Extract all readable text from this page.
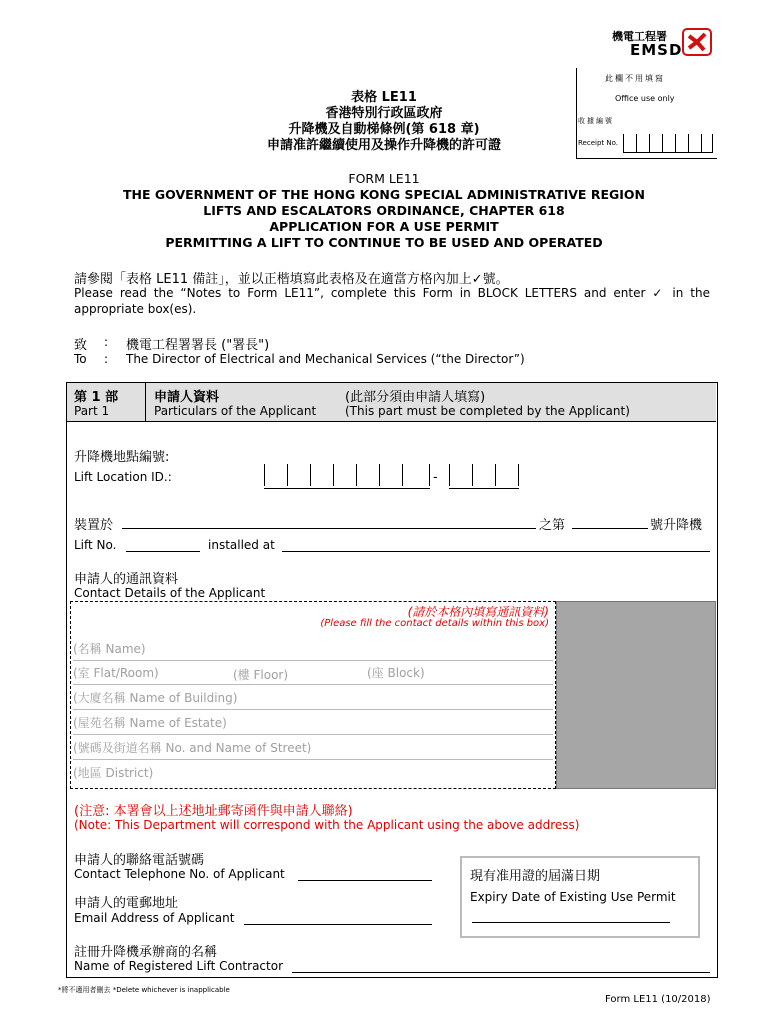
機電工程署
EMSD
此欄不用填寫
Office use only
收據編號
Receipt No.
表格 LE11
香港特別行政區政府
升降機及自動梯條例(第 618 章)
申請准許繼續使用及操作升降機的許可證
FORM LE11
THE GOVERNMENT OF THE HONG KONG SPECIAL ADMINISTRATIVE REGION
LIFTS AND ESCALATORS ORDINANCE, CHAPTER 618
APPLICATION FOR A USE PERMIT
PERMITTING A LIFT TO CONTINUE TO BE USED AND OPERATED
請參閱「表格 LE11 備註」，並以正楷填寫此表格及在適當方格內加上✓號。
Please read the “Notes to Form LE11”, complete this Form in BLOCK LETTERS and enter ✓ in the
appropriate box(es).
致 : 機電工程署署長 ("署長")
To : The Director of Electrical and Mechanical Services (“the Director”)
第 1 部
Part 1
申請人資料
Particulars of the Applicant
(此部分須由申請人填寫)
(This part must be completed by the Applicant)
升降機地點編號:
Lift Location ID.:	-
裝置於	之第	號升降機
Lift No.	installed at
申請人的通訊資料
Contact Details of the Applicant
(請於本格內填寫通訊資料)
(Please fill the contact details within this box)
(名稱 Name)
(室 Flat/Room)	(樓 Floor)	(座 Block)
(大廈名稱 Name of Building)
(屋苑名稱 Name of Estate)
(號碼及街道名稱 No. and Name of Street)
(地區 District)
(注意: 本署會以上述地址郵寄函件與申請人聯絡)
(Note: This Department will correspond with the Applicant using the above address)
申請人的聯絡電話號碼
Contact Telephone No. of Applicant
申請人的電郵地址
Email Address of Applicant
現有准用證的屆滿日期
Expiry Date of Existing Use Permit
註冊升降機承辦商的名稱
Name of Registered Lift Contractor
*將不適用者刪去 *Delete whichever is inapplicable
Form LE11 (10/2018)
